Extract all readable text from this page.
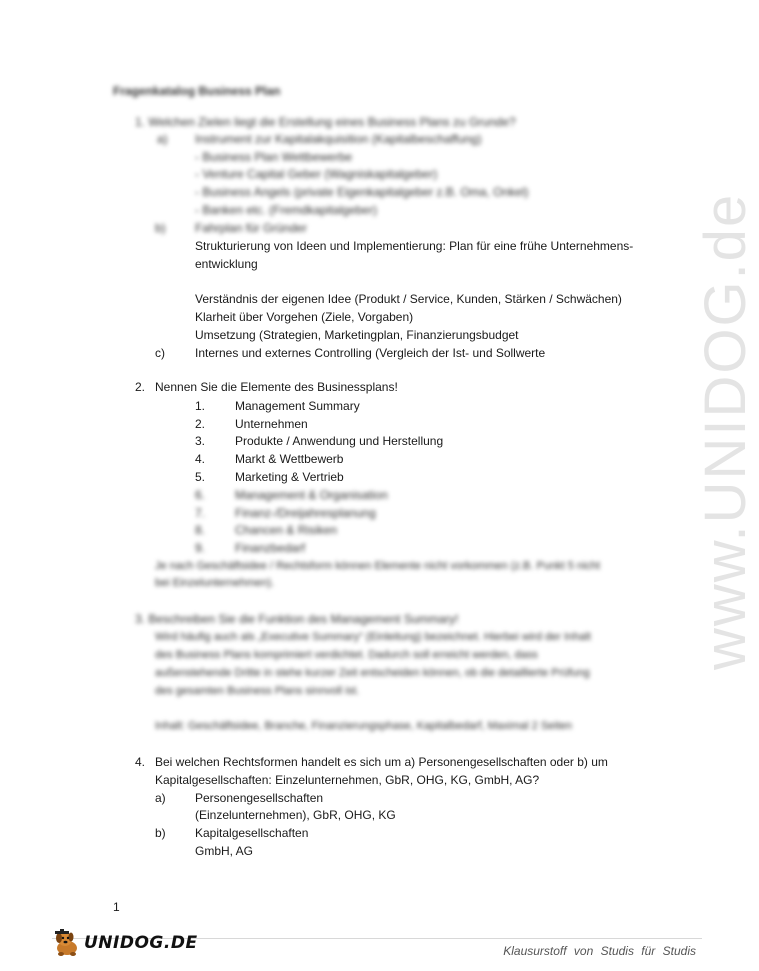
www.UNIDOG.de
Fragenkatalog Business Plan
1. Welchen Zielen liegt die Erstellung eines Business Plans zu Grunde?
a) Instrument zur Kapitalakquisition (Kapitalbeschaffung)
- Business Plan Wettbewerbe
- Venture Capital Geber (Wagniskapitalgeber)
- Business Angels (private Eigenkapitalgeber z.B. Oma, Onkel)
- Banken etc. (Fremdkapitalgeber)
b) Fahrplan für Gründer
Strukturierung von Ideen und Implementierung: Plan für eine frühe Unternehmens-
entwicklung
Verständnis der eigenen Idee (Produkt / Service, Kunden, Stärken / Schwächen)
Klarheit über Vorgehen (Ziele, Vorgaben)
Umsetzung (Strategien, Marketingplan, Finanzierungsbudget
c)	Internes und externes Controlling (Vergleich der Ist- und Sollwerte
2. Nennen Sie die Elemente des Businessplans!
1. Management Summary
2. Unternehmen
3. Produkte / Anwendung und Herstellung
4. Markt & Wettbewerb
5. Marketing & Vertrieb
6. Management & Organisation
7. Finanz-/Dreijahresplanung
8. Chancen & Risiken
9. Finanzbedarf
Je nach Geschäftsidee / Rechtsform können Elemente nicht vorkommen (z.B. Punkt 5 nicht
bei Einzelunternehmen).
3. Beschreiben Sie die Funktion des Management Summary!
Wird häufig auch als „Executive Summary“ (Einleitung) bezeichnet. Hierbei wird der Inhalt
des Business Plans komprimiert verdichtet. Dadurch soll erreicht werden, dass
außenstehende Dritte in stehe kurzer Zeit entscheiden können, ob die detaillierte Prüfung
des gesamten Business Plans sinnvoll ist.
Inhalt: Geschäftsidee, Branche, Finanzierungsphase, Kapitalbedarf, Maximal 2 Seiten
4. Bei welchen Rechtsformen handelt es sich um a) Personengesellschaften oder b) um
Kapitalgesellschaften: Einzelunternehmen, GbR, OHG, KG, GmbH, AG?
a) Personengesellschaften
(Einzelunternehmen), GbR, OHG, KG
b) Kapitalgesellschaften
GmbH, AG
1
UNIDOG.DE	Klausurstoff von Studis für Studis
